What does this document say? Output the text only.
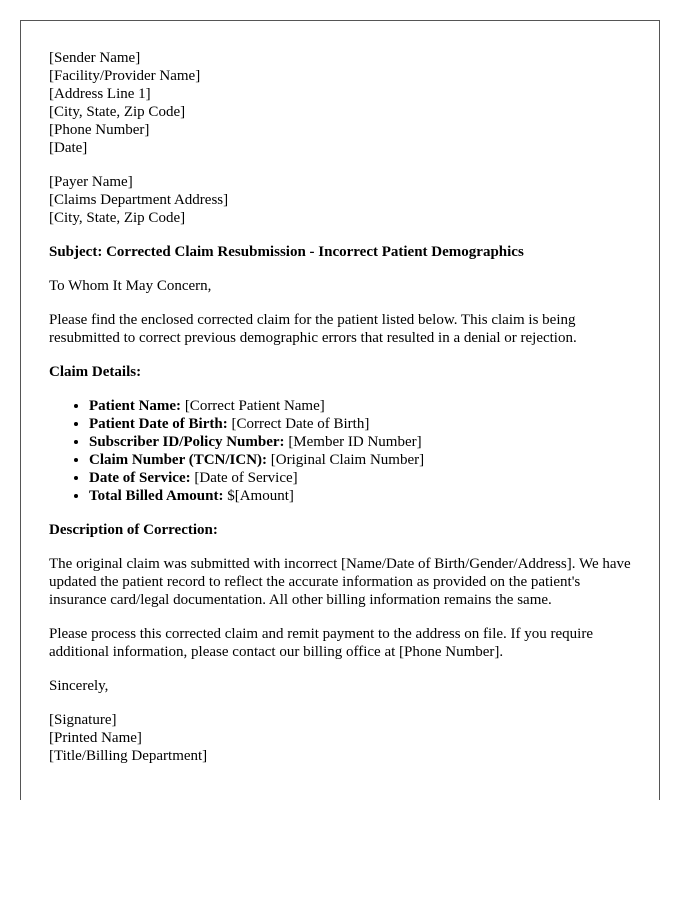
[Sender Name]
[Facility/Provider Name]
[Address Line 1]
[City, State, Zip Code]
[Phone Number]
[Date]
[Payer Name]
[Claims Department Address]
[City, State, Zip Code]

Subject: Corrected Claim Resubmission - Incorrect Patient Demographics

To Whom It May Concern,

Please find the enclosed corrected claim for the patient listed below. This claim is being resubmitted to correct previous demographic errors that resulted in a denial or rejection.

Claim Details:

• Patient Name: [Correct Patient Name]
• Patient Date of Birth: [Correct Date of Birth]
• Subscriber ID/Policy Number: [Member ID Number]
• Claim Number (TCN/ICN): [Original Claim Number]
• Date of Service: [Date of Service]
• Total Billed Amount: $[Amount]

Description of Correction:

The original claim was submitted with incorrect [Name/Date of Birth/Gender/Address]. We have updated the patient record to reflect the accurate information as provided on the patient's insurance card/legal documentation. All other billing information remains the same.

Please process this corrected claim and remit payment to the address on file. If you require additional information, please contact our billing office at [Phone Number].

Sincerely,

[Signature]
[Printed Name]
[Title/Billing Department]
